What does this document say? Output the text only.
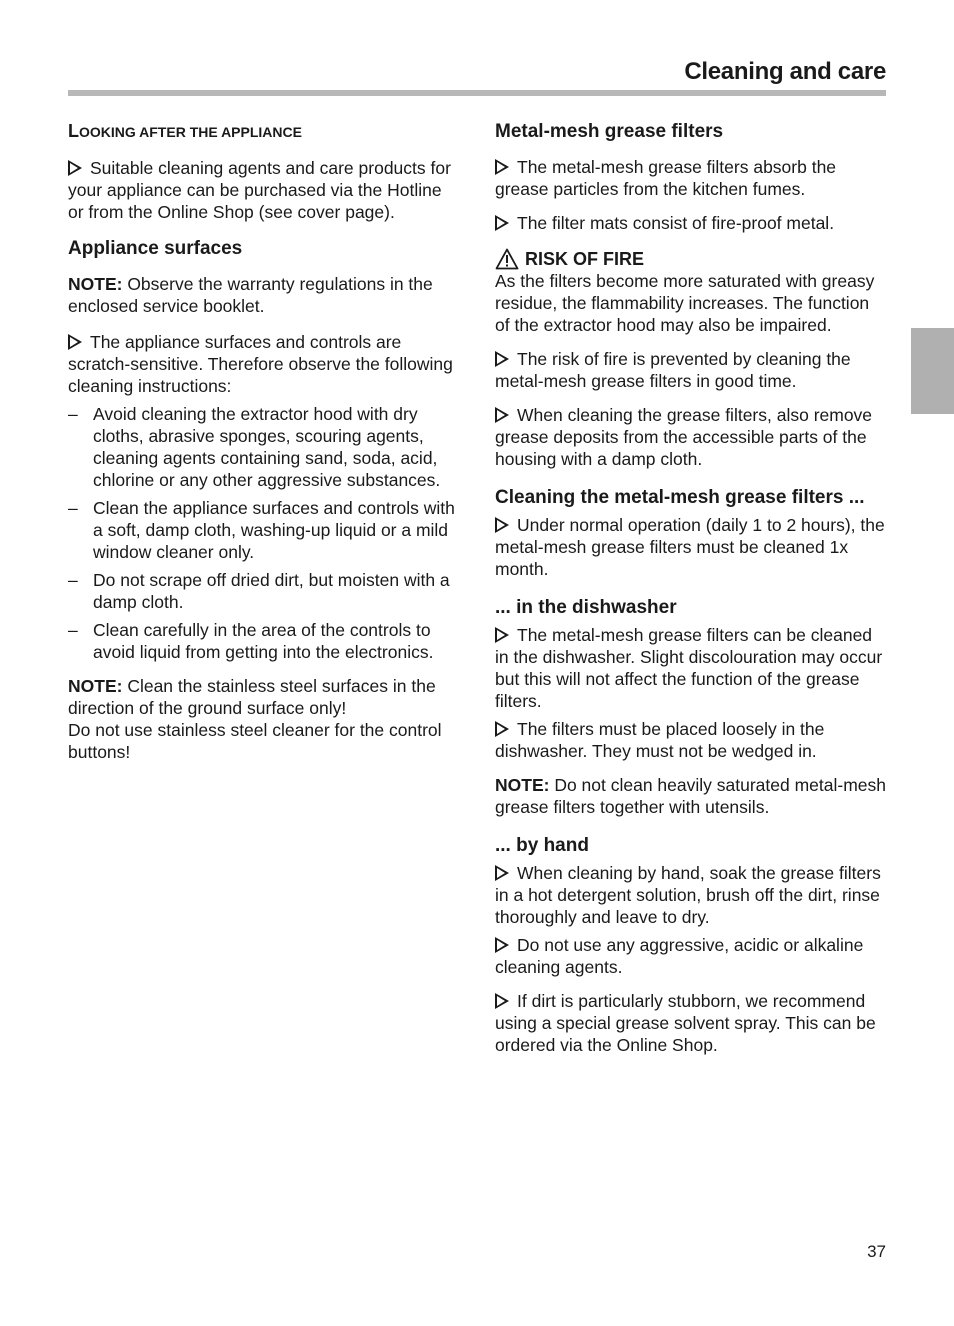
Cleaning and care

LOOKING AFTER THE APPLIANCE

Suitable cleaning agents and care products for your appliance can be purchased via the Hotline or from the Online Shop (see cover page).

Appliance surfaces

NOTE: Observe the warranty regulations in the enclosed service booklet.

The appliance surfaces and controls are scratch-sensitive. Therefore observe the following cleaning instructions:

– Avoid cleaning the extractor hood with dry cloths, abrasive sponges, scouring agents, cleaning agents containing sand, soda, acid, chlorine or any other aggressive substances.
– Clean the appliance surfaces and controls with a soft, damp cloth, washing-up liquid or a mild window cleaner only.
– Do not scrape off dried dirt, but moisten with a damp cloth.
– Clean carefully in the area of the controls to avoid liquid from getting into the electronics.

NOTE: Clean the stainless steel surfaces in the direction of the ground surface only!
Do not use stainless steel cleaner for the control buttons!

Metal-mesh grease filters

The metal-mesh grease filters absorb the grease particles from the kitchen fumes.

The filter mats consist of fire-proof metal.

RISK OF FIRE

As the filters become more saturated with greasy residue, the flammability increases. The function of the extractor hood may also be impaired.

The risk of fire is prevented by cleaning the metal-mesh grease filters in good time.

When cleaning the grease filters, also remove grease deposits from the accessible parts of the housing with a damp cloth.

Cleaning the metal-mesh grease filters ...

Under normal operation (daily 1 to 2 hours), the metal-mesh grease filters must be cleaned 1x month.

... in the dishwasher

The metal-mesh grease filters can be cleaned in the dishwasher. Slight discolouration may occur but this will not affect the function of the grease filters.

The filters must be placed loosely in the dishwasher. They must not be wedged in.

NOTE: Do not clean heavily saturated metal-mesh grease filters together with utensils.

... by hand

When cleaning by hand, soak the grease filters in a hot detergent solution, brush off the dirt, rinse thoroughly and leave to dry.

Do not use any aggressive, acidic or alkaline cleaning agents.

If dirt is particularly stubborn, we recommend using a special grease solvent spray. This can be ordered via the Online Shop.

37
